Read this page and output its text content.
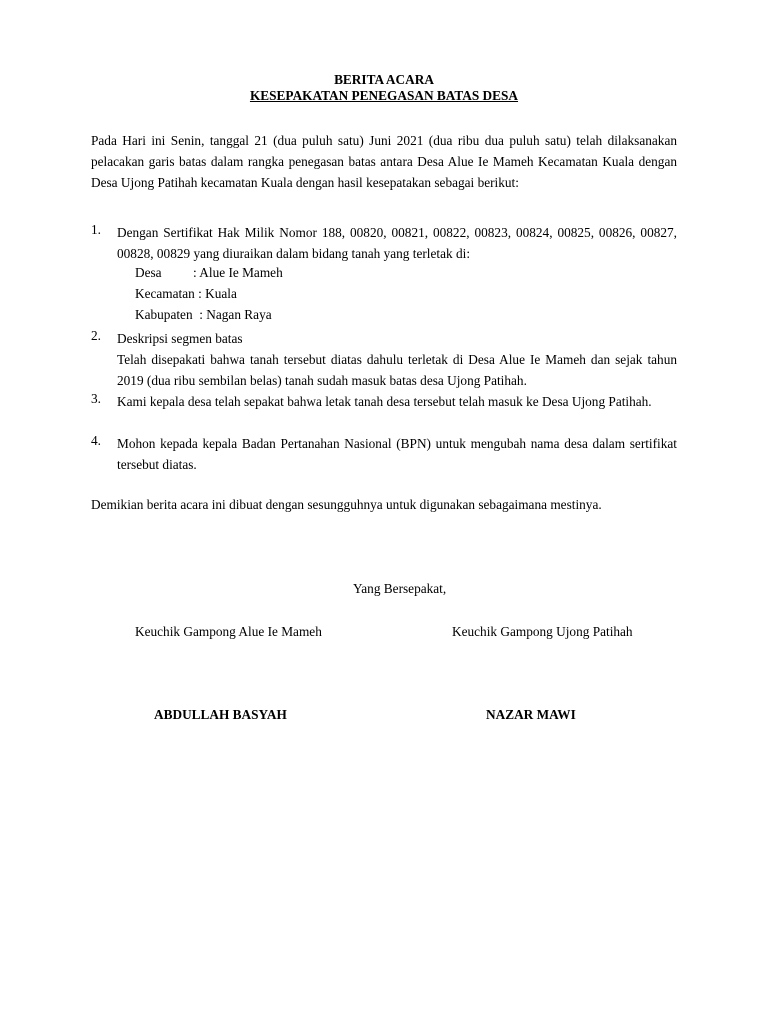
BERITA ACARA
KESEPAKATAN PENEGASAN BATAS DESA
Pada Hari ini Senin, tanggal 21 (dua puluh satu) Juni 2021 (dua ribu dua puluh satu) telah dilaksanakan pelacakan garis batas dalam rangka penegasan batas antara Desa Alue Ie Mameh Kecamatan Kuala dengan Desa Ujong Patihah kecamatan Kuala dengan hasil kesepatakan sebagai berikut:
1. Dengan Sertifikat Hak Milik Nomor 188, 00820, 00821, 00822, 00823, 00824, 00825, 00826, 00827, 00828, 00829 yang diuraikan dalam bidang tanah yang terletak di:
Desa : Alue Ie Mameh
Kecamatan : Kuala
Kabupaten : Nagan Raya
2. Deskripsi segmen batas
Telah disepakati bahwa tanah tersebut diatas dahulu terletak di Desa Alue Ie Mameh dan sejak tahun 2019 (dua ribu sembilan belas) tanah sudah masuk batas desa Ujong Patihah.
3. Kami kepala desa telah sepakat bahwa letak tanah desa tersebut telah masuk ke Desa Ujong Patihah.
4. Mohon kepada kepala Badan Pertanahan Nasional (BPN) untuk mengubah nama desa dalam sertifikat tersebut diatas.
Demikian berita acara ini dibuat dengan sesungguhnya untuk digunakan sebagaimana mestinya.
Yang Bersepakat,
Keuchik Gampong Alue Ie Mameh	Keuchik Gampong Ujong Patihah
ABDULLAH BASYAH	NAZAR MAWI
